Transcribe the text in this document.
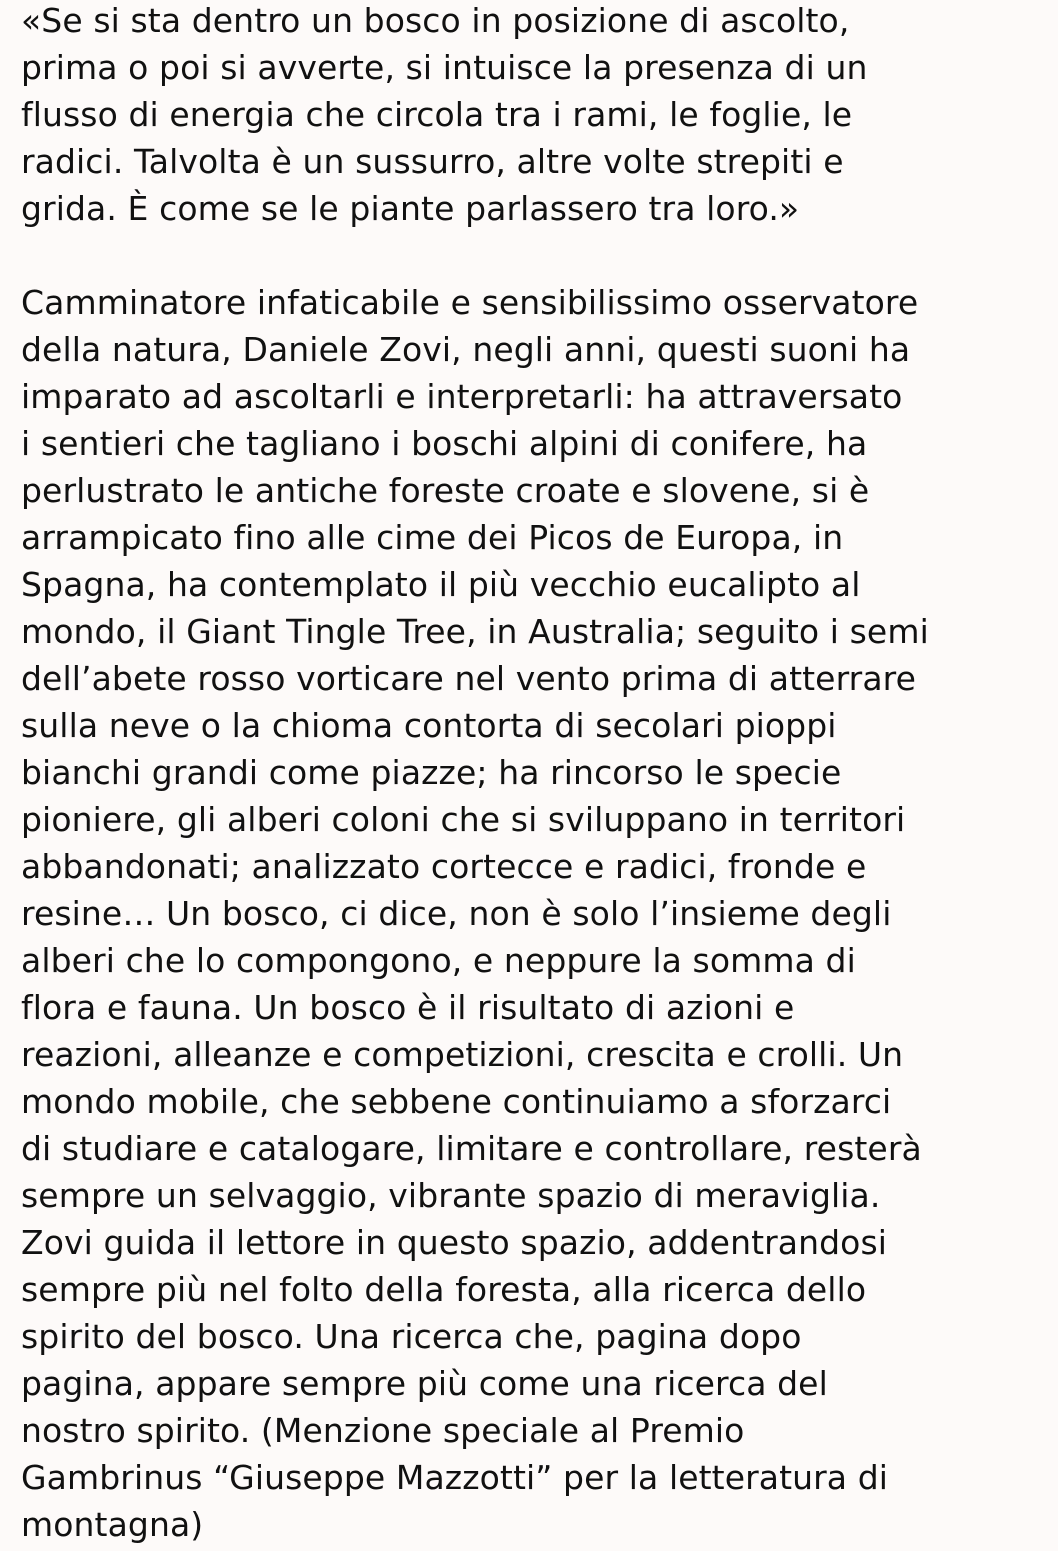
«Se si sta dentro un bosco in posizione di ascolto,
prima o poi si avverte, si intuisce la presenza di un
flusso di energia che circola tra i rami, le foglie, le
radici. Talvolta è un sussurro, altre volte strepiti e
grida. È come se le piante parlassero tra loro.»

Camminatore infaticabile e sensibilissimo osservatore
della natura, Daniele Zovi, negli anni, questi suoni ha
imparato ad ascoltarli e interpretarli: ha attraversato
i sentieri che tagliano i boschi alpini di conifere, ha
perlustrato le antiche foreste croate e slovene, si è
arrampicato fino alle cime dei Picos de Europa, in
Spagna, ha contemplato il più vecchio eucalipto al
mondo, il Giant Tingle Tree, in Australia; seguito i semi
dell’abete rosso vorticare nel vento prima di atterrare
sulla neve o la chioma contorta di secolari pioppi
bianchi grandi come piazze; ha rincorso le specie
pioniere, gli alberi coloni che si sviluppano in territori
abbandonati; analizzato cortecce e radici, fronde e
resine… Un bosco, ci dice, non è solo l’insieme degli
alberi che lo compongono, e neppure la somma di
flora e fauna. Un bosco è il risultato di azioni e
reazioni, alleanze e competizioni, crescita e crolli. Un
mondo mobile, che sebbene continuiamo a sforzarci
di studiare e catalogare, limitare e controllare, resterà
sempre un selvaggio, vibrante spazio di meraviglia.
Zovi guida il lettore in questo spazio, addentrandosi
sempre più nel folto della foresta, alla ricerca dello
spirito del bosco. Una ricerca che, pagina dopo
pagina, appare sempre più come una ricerca del
nostro spirito. (Menzione speciale al Premio
Gambrinus “Giuseppe Mazzotti” per la letteratura di
montagna)
